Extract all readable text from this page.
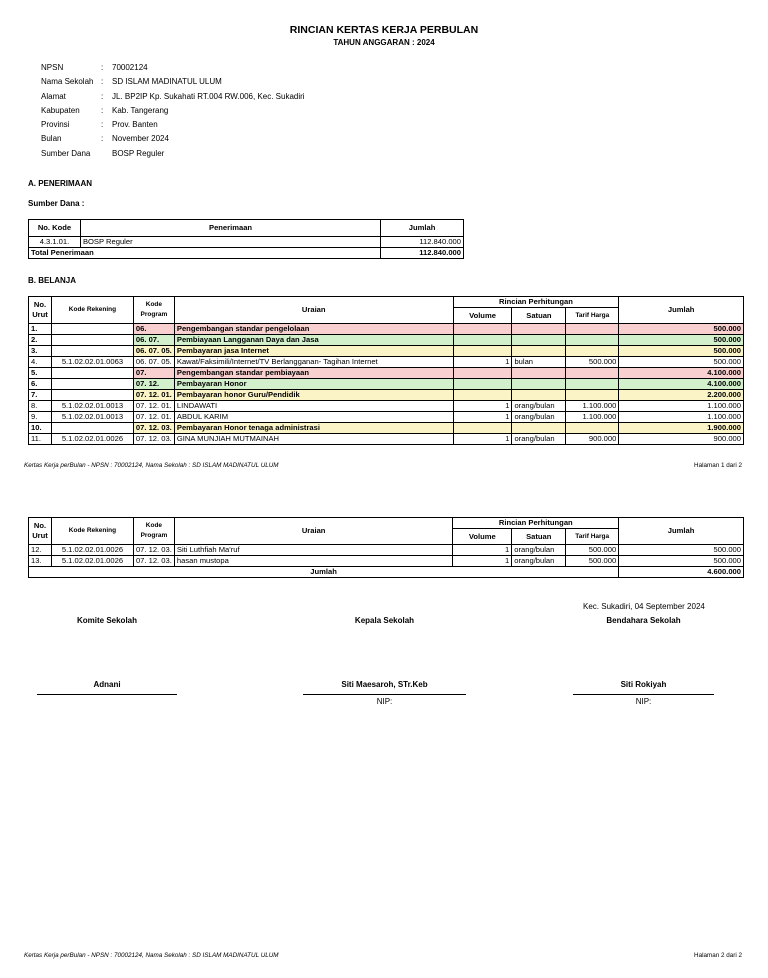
RINCIAN KERTAS KERJA PERBULAN
TAHUN ANGGARAN : 2024
NPSN	:	70002124
Nama Sekolah :	SD ISLAM MADINATUL ULUM
Alamat	:	JL. BP2IP Kp. Sukahati RT.004 RW.006, Kec. Sukadiri
Kabupaten	:	Kab. Tangerang
Provinsi	:	Prov. Banten
Bulan	:	November 2024
Sumber Dana	BOSP Reguler
A. PENERIMAAN
Sumber Dana :
No. Kode	Penerimaan	Jumlah
4.3.1.01.	BOSP Reguler	112.840.000
Total Penerimaan		112.840.000
B. BELANJA
No.
Urut	Kode Rekening	Kode
Program	Uraian	Rincian Perhitungan			Jumlah
				Volume	Satuan	Tarif Harga	
1.		06.	Pengembangan standar pengelolaan				500.000
2.		06. 07.	Pembiayaan Langganan Daya dan Jasa				500.000
3.		06. 07. 05.	Pembayaran jasa Internet				500.000
4.	5.1.02.02.01.0063	06. 07. 05.	Kawat/Faksimili/Internet/TV Berlangganan- Tagihan Internet	1	bulan	500.000	500.000
5.		07.	Pengembangan standar pembiayaan				4.100.000
6.		07. 12.	Pembayaran Honor				4.100.000
7.		07. 12. 01.	Pembayaran honor Guru/Pendidik				2.200.000
8.	5.1.02.02.01.0013	07. 12. 01.	LINDAWATI	1	orang/bulan	1.100.000	1.100.000
9.	5.1.02.02.01.0013	07. 12. 01.	ABDUL KARIM	1	orang/bulan	1.100.000	1.100.000
10.		07. 12. 03.	Pembayaran Honor tenaga administrasi				1.900.000
11.	5.1.02.02.01.0026	07. 12. 03.	GINA MUNJIAH MUTMAINAH	1	orang/bulan	900.000	900.000
Kertas Kerja perBulan - NPSN : 70002124, Nama Sekolah : SD ISLAM MADINATUL ULUM	Halaman 1 dari 2
No.
Urut	Kode Rekening	Kode
Program	Uraian	Rincian Perhitungan			Jumlah
				Volume	Satuan	Tarif Harga	
12.	5.1.02.02.01.0026	07. 12. 03.	Siti Luthfiah Ma'ruf	1	orang/bulan	500.000	500.000
13.	5.1.02.02.01.0026	07. 12. 03.	hasan mustopa	1	orang/bulan	500.000	500.000
Jumlah							4.600.000
Kec. Sukadiri, 04 September 2024
Komite Sekolah	Kepala Sekolah	Bendahara Sekolah
Adnani	Siti Maesaroh, STr.Keb	Siti Rokiyah
NIP:	NIP:
Kertas Kerja perBulan - NPSN : 70002124, Nama Sekolah : SD ISLAM MADINATUL ULUM	Halaman 2 dari 2
